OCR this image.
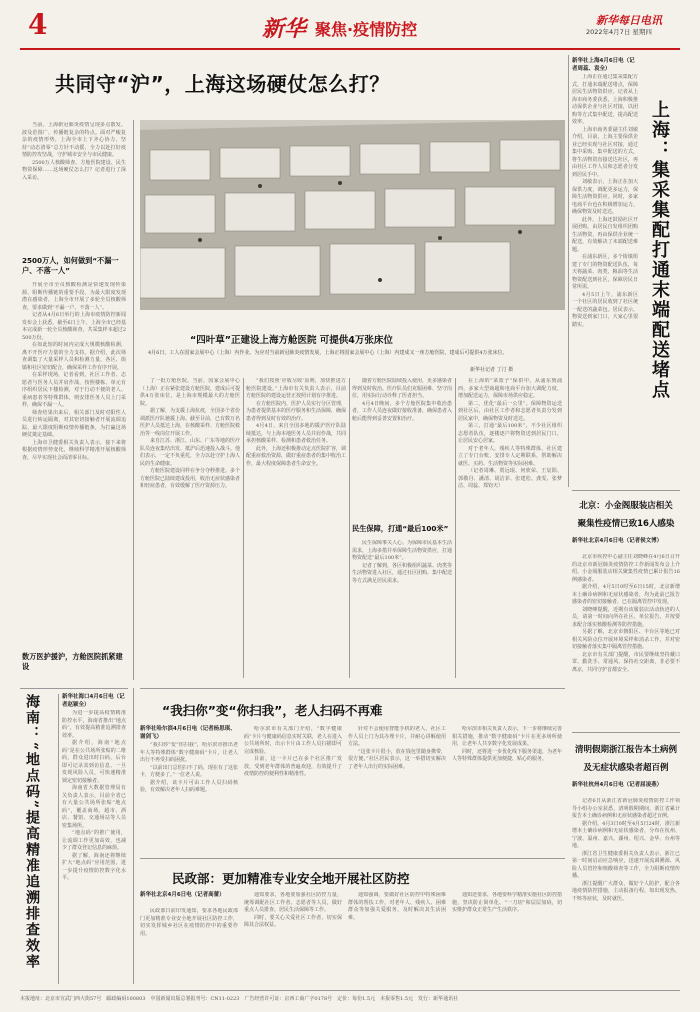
4	新华 聚焦·疫情防控	新华每日电讯
2022年4月7日 星期四
共同守“沪”，上海这场硬仗怎么打？

当前，上海新冠肺炎疫情呈现多点散发、波及范围广、传播链复杂的特点。面对严峻复杂的疫情形势，上海全市上下齐心协力，坚持“动态清零”总方针不动摇，全力以赴打好疫情防控攻坚战，守护城市安全与市民健康。

2500万人核酸筛查、方舱医院建设、民生物资保障……这场硬仗怎么打？记者进行了深入采访。

2500万人，如何做到“不漏一户、不落一人”

开展全市全员核酸检测是快速发现传染源、阻断传播链的重要手段。为最大限度发现潜在感染者，上海全市开展了多轮全员核酸筛查，要求做到“不漏一户、不落一人”。

记者从4月6日举行的上海市疫情防控新闻发布会上获悉，截至6日上午，上海全市已经基本完成新一轮全员核酸筛查，共采集样本超过2500万份。

在如此短的时间内完成大规模核酸检测，离不开医疗力量的全力支持。据介绍，此次筛查调集了大量采样人员和检测力量，各区、街镇和社区密切配合，确保采样工作有序开展。

在采样现场，记者看到，社区工作者、志愿者与医务人员并肩作战，按照楼栋、单元有序组织居民下楼检测，对于行动不便的老人、重病患者等特殊群体，则安排医务人员上门采样，确保不漏一人。

筛查结果出来后，相关部门及时对阳性人员进行转运隔离，对其密切接触者开展流调追踪，最大限度阻断疫情传播链条，为打赢这场硬仗奠定基础。

上海市卫健委相关负责人表示，接下来将根据疫情形势变化，继续科学精准开展核酸筛查，尽早实现社会面清零目标。

数万医护援沪，方舱医院抓紧建设
“四叶草”正建设上海方舱医院 可提供4万张床位
4月6日，工人在国家会展中心（上海）内作业。为应对当前新冠肺炎疫情发展，上海正将国家会展中心（上海）内建成又一座方舱医院，建成后可提供4万张床位。
新华社记者 丁汀 摄

了一批方舱医院。当前，国家会展中心（上海）正在紧张建设方舱医院，建成后可提供4万张床位，是上海市规模最大的方舱医院。

据了解，为支援上海抗疫，全国多个省份调派医疗队驰援上海。截至目前，已有数万名医护人员抵达上海，在核酸采样、方舱医院救治等一线岗位开展工作。

来自江苏、浙江、山东、广东等地的医疗队员连夜集结出发，抵沪后迅速投入战斗。他们表示，一定不负重托，全力以赴守护上海人民的生命健康。

方舱医院建设同样在争分夺秒推进。多个方舱医院已陆续建成投用，收治无症状感染者和轻症患者，有效缓解了医疗资源压力。

“我们按照‘应收尽收’原则，加快推进方舱医院建设。”上海市有关负责人表示，目前方舱医院的建设运营正按照计划有序推进。

在方舱医院内，医护人员实行分区管理，为患者提供基本的医疗服务和生活保障，确保患者得到及时有效的治疗。

4月4日，来自全国多地的援沪医疗队陆续抵达，与上海本地医务人员并肩作战，共同承担核酸采样、检测和患者救治任务。

此外，上海还积极推动定点医院扩容，调配重症救治资源，做好重症患者的集中收治工作，最大程度保障患者生命安全。

随着方舱医院陆续投入使用，更多感染者得到及时收治。医疗队员们克服困难、坚守岗位，用实际行动诠释了医者担当。

4月4日晚间，多个方舱医院集中收治患者，工作人员连夜做好接收准备，确保患者入舱后能得到妥善安置和治疗。

民生保障，打通“最后100米”

民生保障事关人心。为保障市民基本生活需求，上海多措并举保障生活物资供应，打通物资配送“最后100米”。

记者了解到，各区积极组织蔬菜、肉类等生活物资进入社区，通过社区团购、集中配送等方式满足居民需求。

在上海的“菜篮子”保供中，从浦东到浦西，多家大型商超和电商平台加大调配力度，增加配送运力，保障市场供应稳定。

第二，优化“最后一公里”。保障物资运送到社区后，由社区工作者和志愿者负责分发到居民家中，确保物资及时送达。

第三，打通“最后100米”。不少社区组织志愿者队伍，逐楼逐户将物资送到居民门口，让居民安心居家。

对于老年人、残疾人等特殊群体，社区建立了专门台账，安排专人定期联系，帮助解决就医、买药、生活物资等实际困难。

（记者周琳、贾远琨、何欣荣、王辰阳、郭敬丹、潘清、胡洁菲、张建松、龚雯、张梦洁、周蕊、郑钧天）

新华社上海4月6日电（记者周蕊、袁全）

上海正在通过集采集配方式，打通末端配送堵点，保障居民生活物资供应。记者从上海市商务委获悉，上海积极推动保供企业与社区对接，以团购等方式集中配送，提高配送效率。

上海市商务委副主任刘敏介绍，目前，上海主要保供企业已经实现与社区对接，通过集中采购、集中配送的方式，将生活物资直接送达社区，再由社区工作人员和志愿者分发到居民手中。

刘敏表示，上海正在加大保供力度，调配更多运力，保障生活物资供应。同时，多家电商平台也在积极增加运力，确保物资及时送达。

此外，上海还鼓励社区开展团购，由居民自发组织团购生活物资，再由保供企业统一配送，有效解决了末端配送难题。

在浦东新区，多个街镇组建了专门的物资配送队伍，每天将蔬菜、肉类、粮油等生活物资配送到社区，保障居民日常所需。

4月5日上午，浦东新区一个社区的居民收到了社区统一配送的蔬菜包。居民表示，物资送到家门口，大家心里很踏实。	上海：集采集配打通末端配送堵点
北京：小金阁服装店相关
聚集性疫情已致16人感染
新华社北京4月6日电（记者侯文博）

北京市疾控中心副主任刘晓峰在4月6日召开的北京市新冠肺炎疫情防控工作新闻发布会上介绍，小金阁服装店相关聚集性疫情已累计报告16例感染者。

据介绍，4月5日0时至6日15时，北京新增本土确诊病例和无症状感染者，均为此前已报告感染者的密切接触者，已在隔离管控中发现。

刘晓峰提醒，近期有该服装店活动轨迹的人员，请第一时间向所在社区、单位报告，并按要求配合落实核酸检测等防控措施。

另据了解，北京市朝阳区、丰台区等地已对相关风险点位开展环境采样和消杀工作，并对密切接触者落实集中隔离管控措施。

北京市有关部门提醒，市民要继续坚持戴口罩、勤洗手、常通风、保持社交距离，非必要不离京，共同守护首都安全。

清明假期浙江报告本土病例
及无症状感染者超百例
新华社杭州4月6日电（记者屈凌燕）

记者6日从浙江省新冠肺炎疫情防控工作领导小组办公室获悉，清明假期期间，浙江省累计报告本土确诊病例和无症状感染者超过百例。

据介绍，4月3日0时至4月5日24时，浙江新增本土确诊病例和无症状感染者，分布在杭州、宁波、温州、嘉兴、湖州、绍兴、金华、台州等地。

浙江省卫生健康委相关负责人表示，浙江已第一时间启动应急响应，迅速开展流调溯源、风险人员管控和核酸筛查等工作，全力阻断疫情传播。

浙江提醒广大群众，做好个人防护，配合各地疫情防控措施，主动报备行程，如出现发热、干咳等症状，及时就医。

新华社海口4月6日电（记者赵颖全）

为进一步提高疫情精准防控水平，海南省推出“地点码”，有效提高精准追溯排查效率。

据介绍，海南“地点码”是在公共场所张贴的二维码，群众进出时扫码，后台即可记录其到访信息，一旦发现风险人员，可快速精准锁定密切接触者。

海南省大数据管理局有关负责人表示，目前全省已有大量公共场所张贴“地点码”，覆盖商场、超市、酒店、餐馆、交通场站等人员密集场所。

“地点码”的推广使用，让流调工作更加高效，也减少了群众登记信息的麻烦。

据了解，海南还将继续扩大“地点码”应用范围，进一步提升疫情防控数字化水平。

海南：“地点码”提高精准追溯排查效率	“我扫你”变“你扫我”，老人扫码不再难
新华社哈尔滨4月6日电（记者杨思琪、谢剑飞）

“我扫你”变“你扫我”，哈尔滨市推出老年人等特殊群体“数字健康码”卡片，让老人出行不再受扫码困扰。

“以前出门总怕扫不了码，现在有了这张卡，方便多了。”一位老人说。

据介绍，该卡片可由工作人员扫码核验，有效解决老年人扫码难题。

哈尔滨市有关部门介绍，“数字健康码”卡片与健康码信息实时关联，老人在进入公共场所时，出示卡片由工作人员扫描即可完成核验。

目前，这一卡片已在多个社区推广发放，受到老年群体的普遍欢迎，有效提升了疫情防控的便利性和精准性。

针对不会使用智能手机的老人，社区工作人员上门为其办理卡片，并耐心讲解使用方法。

“这张卡片很小，放在钱包里随身携带，很方便。”社区居民表示，这一举措切实解决了老年人出行的实际困难。

哈尔滨市相关负责人表示，下一步将继续完善相关措施，推动“数字健康码”卡片在更多场所使用，让老年人共享数字化发展成果。

同时，还将进一步优化线下服务渠道，为老年人等特殊群体提供更加便捷、贴心的服务。

民政部：更加精准专业安全地开展社区防控
新华社北京4月6日电（记者高蕾）

民政部日前印发通知，要求各地民政部门更加精准专业安全地开展社区防控工作，切实发挥城乡社区在疫情防控中的重要作用。

通知要求，各地要加强社区防控力量，统筹调配社区工作者、志愿者等人员，做好重点人员排查、居民生活保障等工作。

同时，要关心关爱社区工作者，切实保障其合法权益。

通知强调，要做好社区防控中特殊困难群体的帮扶工作，对老年人、残疾人、困难群众等加强关爱服务，及时解决其生活困难。

通知还要求，各地要科学精准实施社区防控措施，坚决防止简单化、“一刀切”和层层加码，切实维护群众正常生产生活秩序。

本报地址：北京市宣武门西大街57号　邮政编码100803　中国新闻出版总署报刊号：CN11-0223　广告经营许可证：京西工商广字0178号　定价：每份1.5元　本报零售1.5元　发行：新华通讯社
